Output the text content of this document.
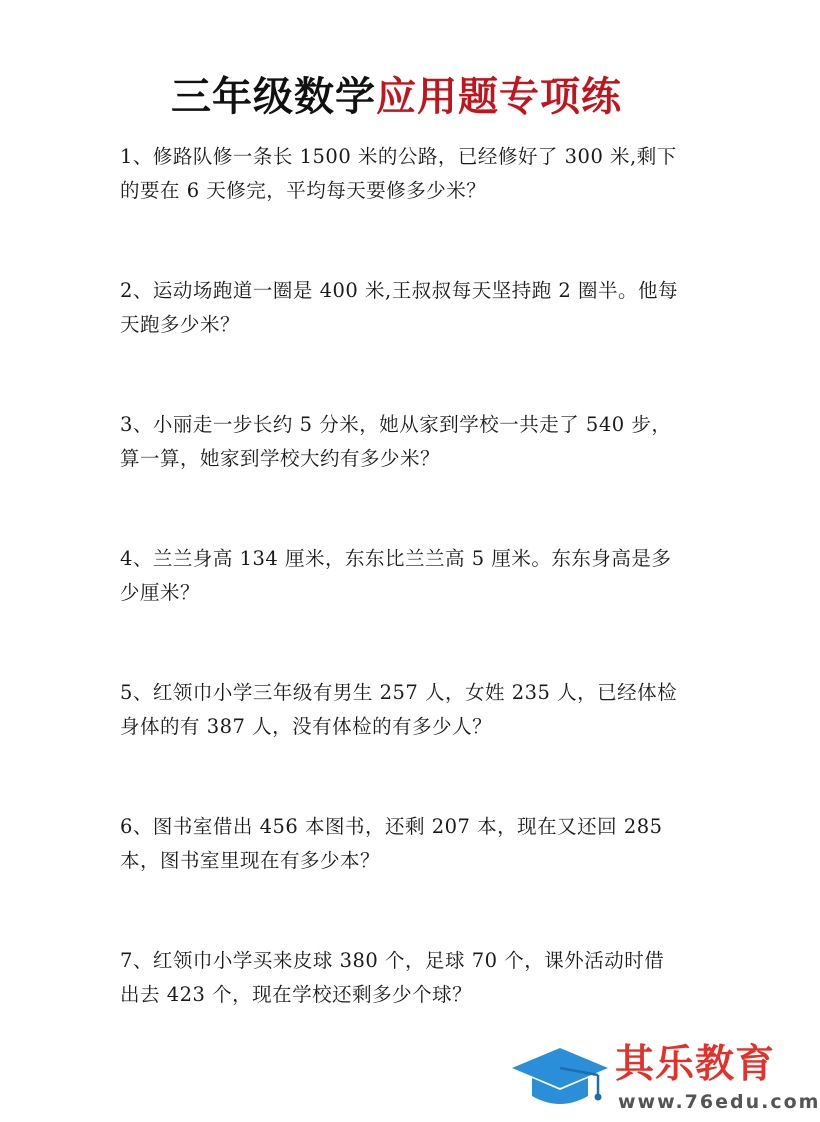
三年级数学应用题专项练
1、修路队修一条长 1500 米的公路，已经修好了 300 米,剩下的要在 6 天修完，平均每天要修多少米？
2、运动场跑道一圈是 400 米,王叔叔每天坚持跑 2 圈半。他每天跑多少米？
3、小丽走一步长约 5 分米，她从家到学校一共走了 540 步，算一算，她家到学校大约有多少米？
4、兰兰身高 134 厘米，东东比兰兰高 5 厘米。东东身高是多少厘米？
5、红领巾小学三年级有男生 257 人，女姓 235 人，已经体检身体的有 387 人，没有体检的有多少人？
6、图书室借出 456 本图书，还剩 207 本，现在又还回 285 本，图书室里现在有多少本？
7、红领巾小学买来皮球 380 个，足球 70 个，课外活动时借出去 423 个，现在学校还剩多少个球？
其乐教育
www.76edu.com
